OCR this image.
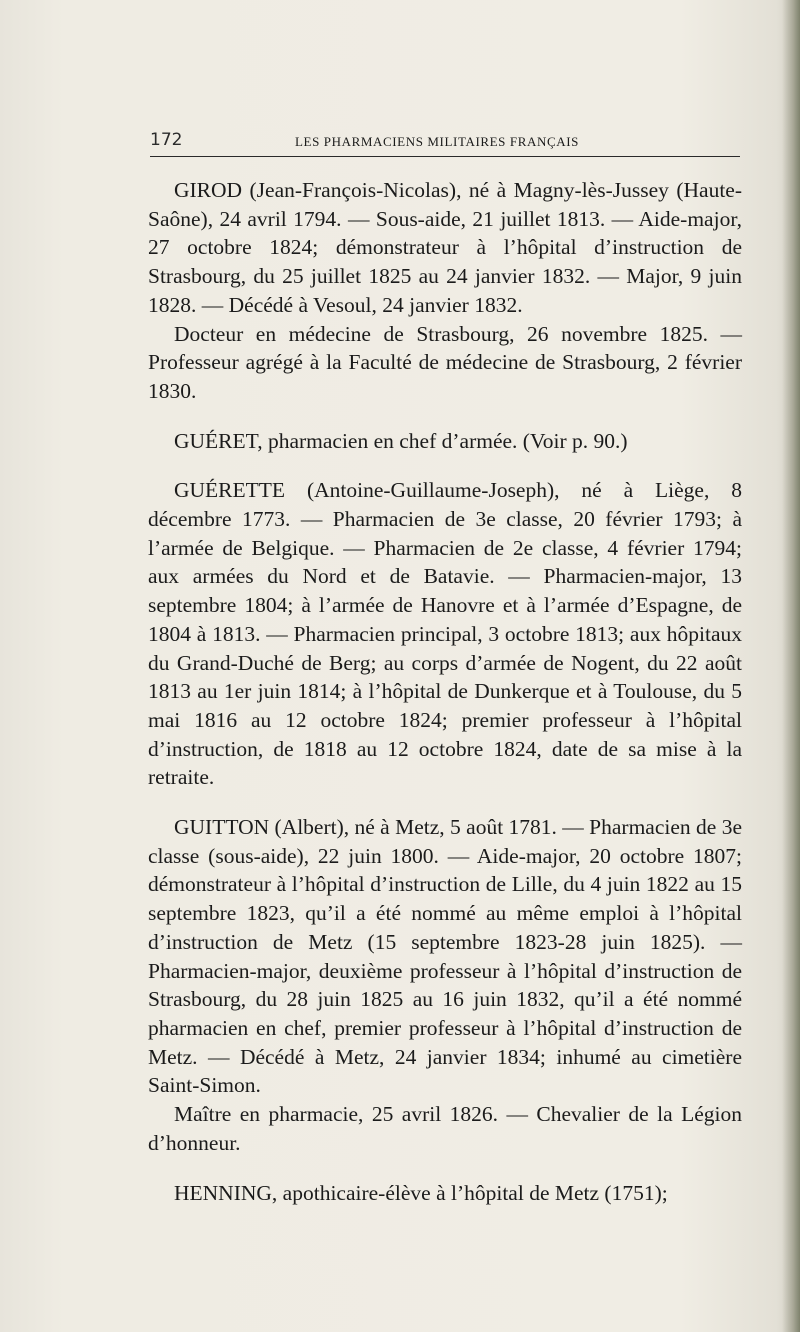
172	LES PHARMACIENS MILITAIRES FRANÇAIS

GIROD (Jean-François-Nicolas), né à Magny-lès-Jussey (Haute-Saône), 24 avril 1794. — Sous-aide, 21 juillet 1813. — Aide-major, 27 octobre 1824; démonstrateur à l’hôpital d’instruction de Strasbourg, du 25 juillet 1825 au 24 janvier 1832. — Major, 9 juin 1828. — Décédé à Vesoul, 24 janvier 1832.

Docteur en médecine de Strasbourg, 26 novembre 1825. — Professeur agrégé à la Faculté de médecine de Strasbourg, 2 février 1830.

GUÉRET, pharmacien en chef d’armée. (Voir p. 90.)

GUÉRETTE (Antoine-Guillaume-Joseph), né à Liège, 8 décembre 1773. — Pharmacien de 3e classe, 20 février 1793; à l’armée de Belgique. — Pharmacien de 2e classe, 4 février 1794; aux armées du Nord et de Batavie. — Pharmacien-major, 13 septembre 1804; à l’armée de Hanovre et à l’armée d’Espagne, de 1804 à 1813. — Pharmacien principal, 3 octobre 1813; aux hôpitaux du Grand-Duché de Berg; au corps d’armée de Nogent, du 22 août 1813 au 1er juin 1814; à l’hôpital de Dunkerque et à Toulouse, du 5 mai 1816 au 12 octobre 1824; premier professeur à l’hôpital d’instruction, de 1818 au 12 octobre 1824, date de sa mise à la retraite.

GUITTON (Albert), né à Metz, 5 août 1781. — Pharmacien de 3e classe (sous-aide), 22 juin 1800. — Aide-major, 20 octobre 1807; démonstrateur à l’hôpital d’instruction de Lille, du 4 juin 1822 au 15 septembre 1823, qu’il a été nommé au même emploi à l’hôpital d’instruction de Metz (15 septembre 1823-28 juin 1825). — Pharmacien-major, deuxième professeur à l’hôpital d’instruction de Strasbourg, du 28 juin 1825 au 16 juin 1832, qu’il a été nommé pharmacien en chef, premier professeur à l’hôpital d’instruction de Metz. — Décédé à Metz, 24 janvier 1834; inhumé au cimetière Saint-Simon.

Maître en pharmacie, 25 avril 1826. — Chevalier de la Légion d’honneur.

HENNING, apothicaire-élève à l’hôpital de Metz (1751);
